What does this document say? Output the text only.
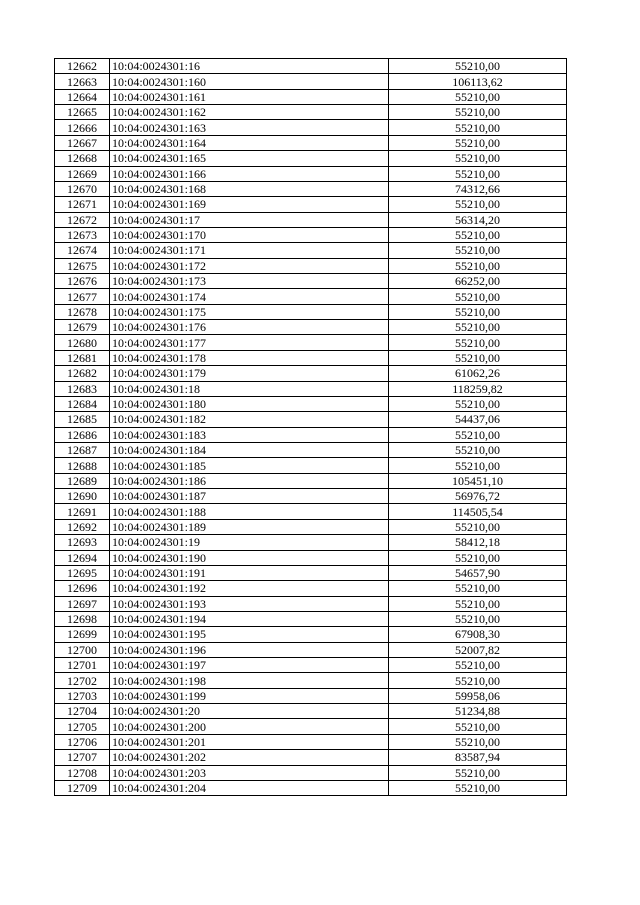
12662	10:04:0024301:16	55210,00
12663	10:04:0024301:160	106113,62
12664	10:04:0024301:161	55210,00
12665	10:04:0024301:162	55210,00
12666	10:04:0024301:163	55210,00
12667	10:04:0024301:164	55210,00
12668	10:04:0024301:165	55210,00
12669	10:04:0024301:166	55210,00
12670	10:04:0024301:168	74312,66
12671	10:04:0024301:169	55210,00
12672	10:04:0024301:17	56314,20
12673	10:04:0024301:170	55210,00
12674	10:04:0024301:171	55210,00
12675	10:04:0024301:172	55210,00
12676	10:04:0024301:173	66252,00
12677	10:04:0024301:174	55210,00
12678	10:04:0024301:175	55210,00
12679	10:04:0024301:176	55210,00
12680	10:04:0024301:177	55210,00
12681	10:04:0024301:178	55210,00
12682	10:04:0024301:179	61062,26
12683	10:04:0024301:18	118259,82
12684	10:04:0024301:180	55210,00
12685	10:04:0024301:182	54437,06
12686	10:04:0024301:183	55210,00
12687	10:04:0024301:184	55210,00
12688	10:04:0024301:185	55210,00
12689	10:04:0024301:186	105451,10
12690	10:04:0024301:187	56976,72
12691	10:04:0024301:188	114505,54
12692	10:04:0024301:189	55210,00
12693	10:04:0024301:19	58412,18
12694	10:04:0024301:190	55210,00
12695	10:04:0024301:191	54657,90
12696	10:04:0024301:192	55210,00
12697	10:04:0024301:193	55210,00
12698	10:04:0024301:194	55210,00
12699	10:04:0024301:195	67908,30
12700	10:04:0024301:196	52007,82
12701	10:04:0024301:197	55210,00
12702	10:04:0024301:198	55210,00
12703	10:04:0024301:199	59958,06
12704	10:04:0024301:20	51234,88
12705	10:04:0024301:200	55210,00
12706	10:04:0024301:201	55210,00
12707	10:04:0024301:202	83587,94
12708	10:04:0024301:203	55210,00
12709	10:04:0024301:204	55210,00
